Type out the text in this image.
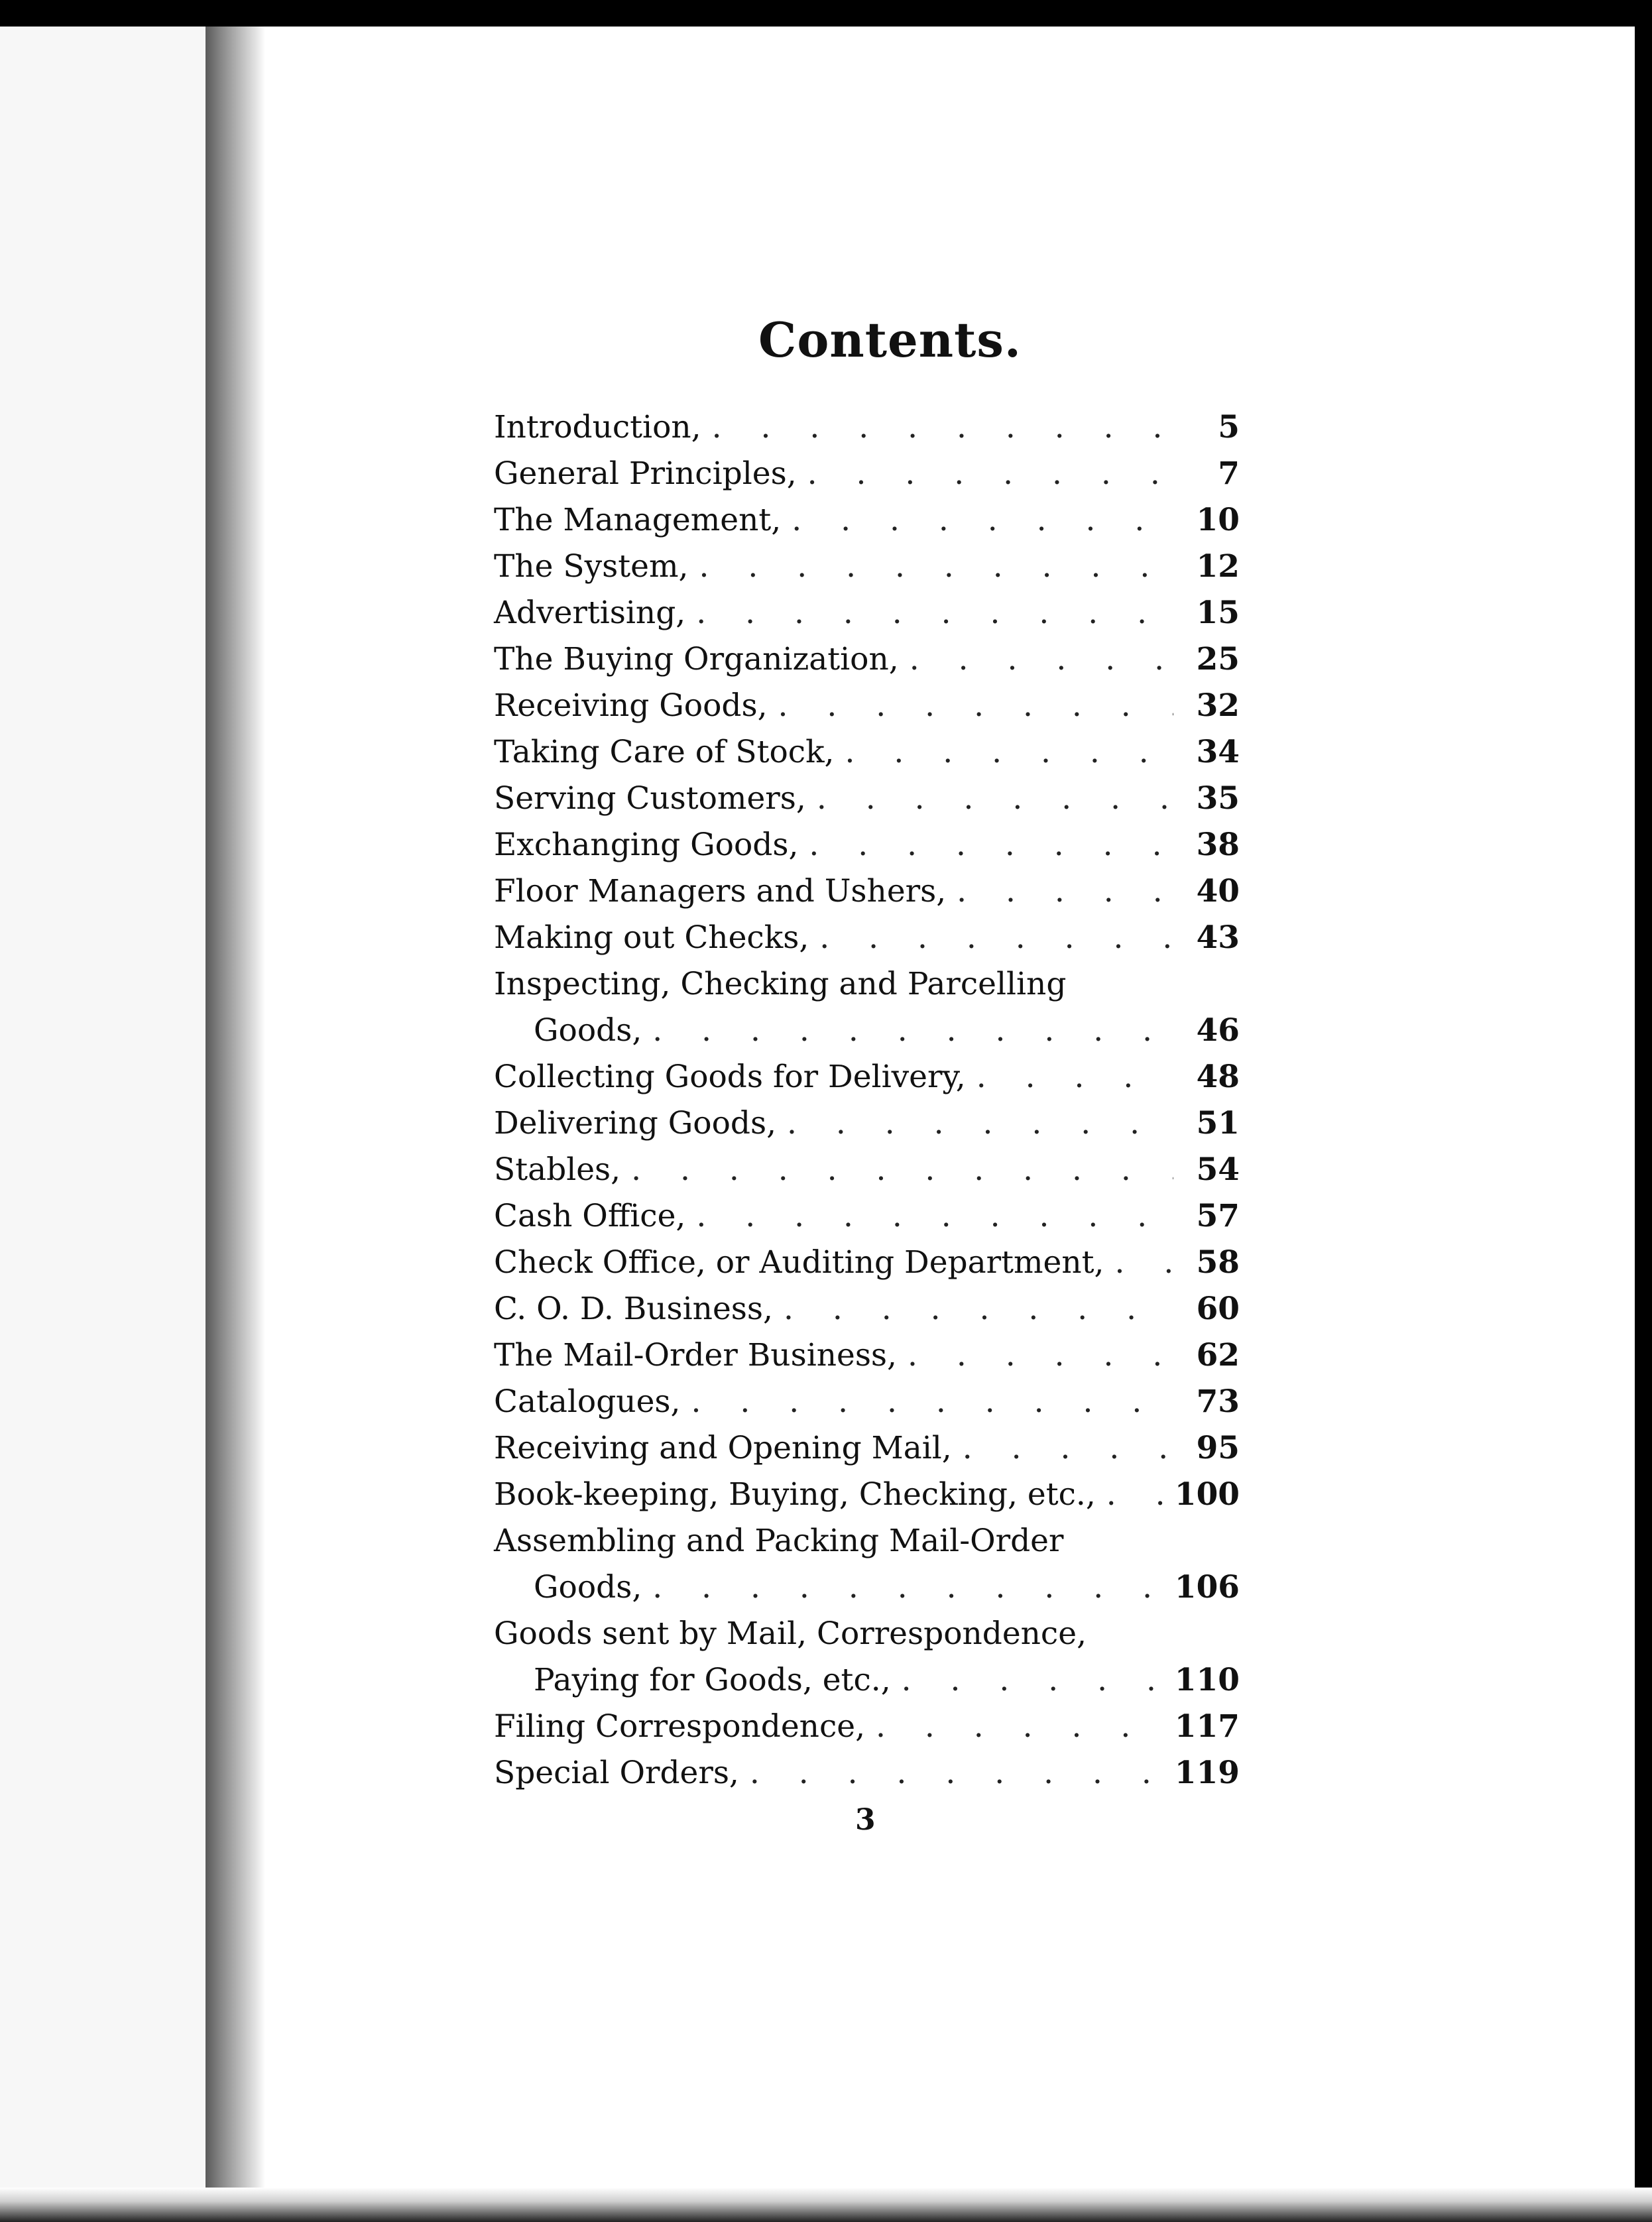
Contents.
Introduction, . . .	5
General Principles, . . .	7
The Management, . . .	10
The System, . . .	12
Advertising, . . .	15
The Buying Organization, . . .	25
Receiving Goods, . . .	32
Taking Care of Stock, . . .	34
Serving Customers, . . .	35
Exchanging Goods, . . .	38
Floor Managers and Ushers, . . .	40
Making out Checks, . . .	43
Inspecting, Checking and Parcelling
Goods, . . .	46
Collecting Goods for Delivery, . . .	48
Delivering Goods, . . .	51
Stables, . . .	54
Cash Office, . . .	57
Check Office, or Auditing Department, . . .	58
C. O. D. Business, . . .	60
The Mail-Order Business, . . .	62
Catalogues, . . .	73
Receiving and Opening Mail, . . .	95
Book-keeping, Buying, Checking, etc., . . .	100
Assembling and Packing Mail-Order
Goods, . . .	106
Goods sent by Mail, Correspondence,
Paying for Goods, etc., . . .	110
Filing Correspondence, . . .	117
Special Orders, . . .	119
3
